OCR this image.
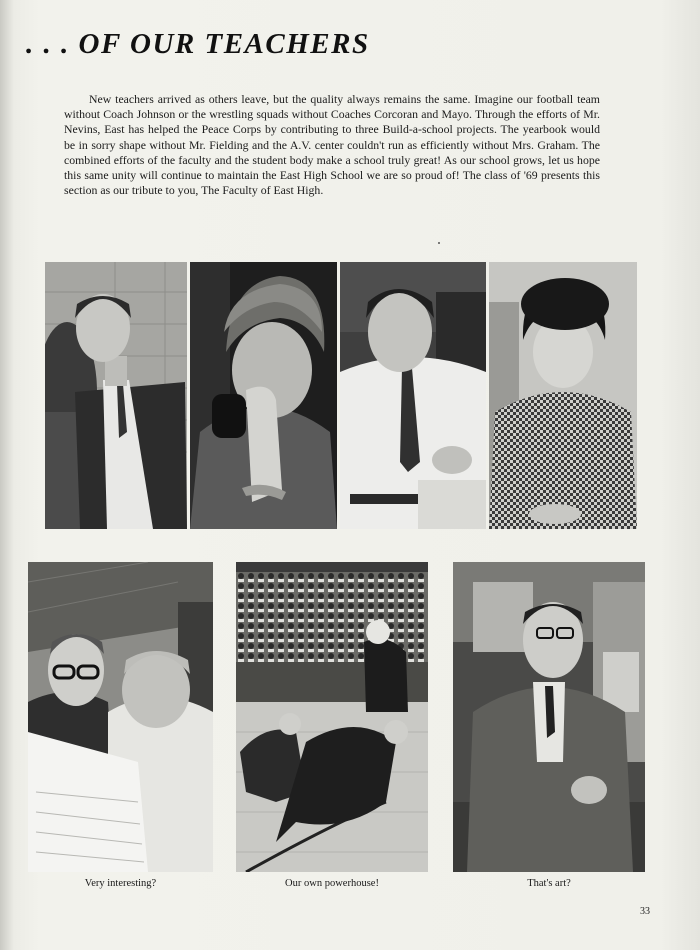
. . . OF OUR TEACHERS

New teachers arrived as others leave, but the quality always remains the same. Imagine our football team without Coach Johnson or the wrestling squads without Coaches Corcoran and Mayo. Through the efforts of Mr. Nevins, East has helped the Peace Corps by contributing to three Build-a-school projects. The yearbook would be in sorry shape without Mr. Fielding and the A.V. center couldn't run as efficiently without Mrs. Graham. The combined efforts of the faculty and the student body make a school truly great! As our school grows, let us hope this same unity will continue to maintain the East High School we are so proud of! The class of '69 presents this section as our tribute to you, The Faculty of East High.

Very interesting?	Our own powerhouse!	That's art?

33
